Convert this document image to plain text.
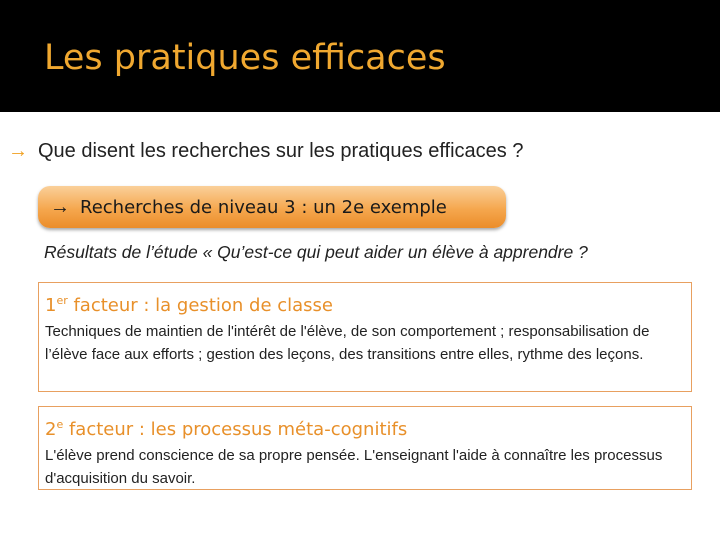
Les pratiques efficaces
→ Que disent les recherches sur les pratiques efficaces ?
→ Recherches de niveau 3 : un 2e exemple
Résultats de l’étude « Qu’est-ce qui peut aider un élève à apprendre ?
1er facteur : la gestion de classe
Techniques de maintien de l'intérêt de l'élève, de son comportement ; responsabilisation de l’élève face aux efforts ; gestion des leçons, des transitions entre elles, rythme des leçons.
2e facteur : les processus méta-cognitifs
L'élève prend conscience de sa propre pensée. L'enseignant l'aide à connaître les processus d'acquisition du savoir.
